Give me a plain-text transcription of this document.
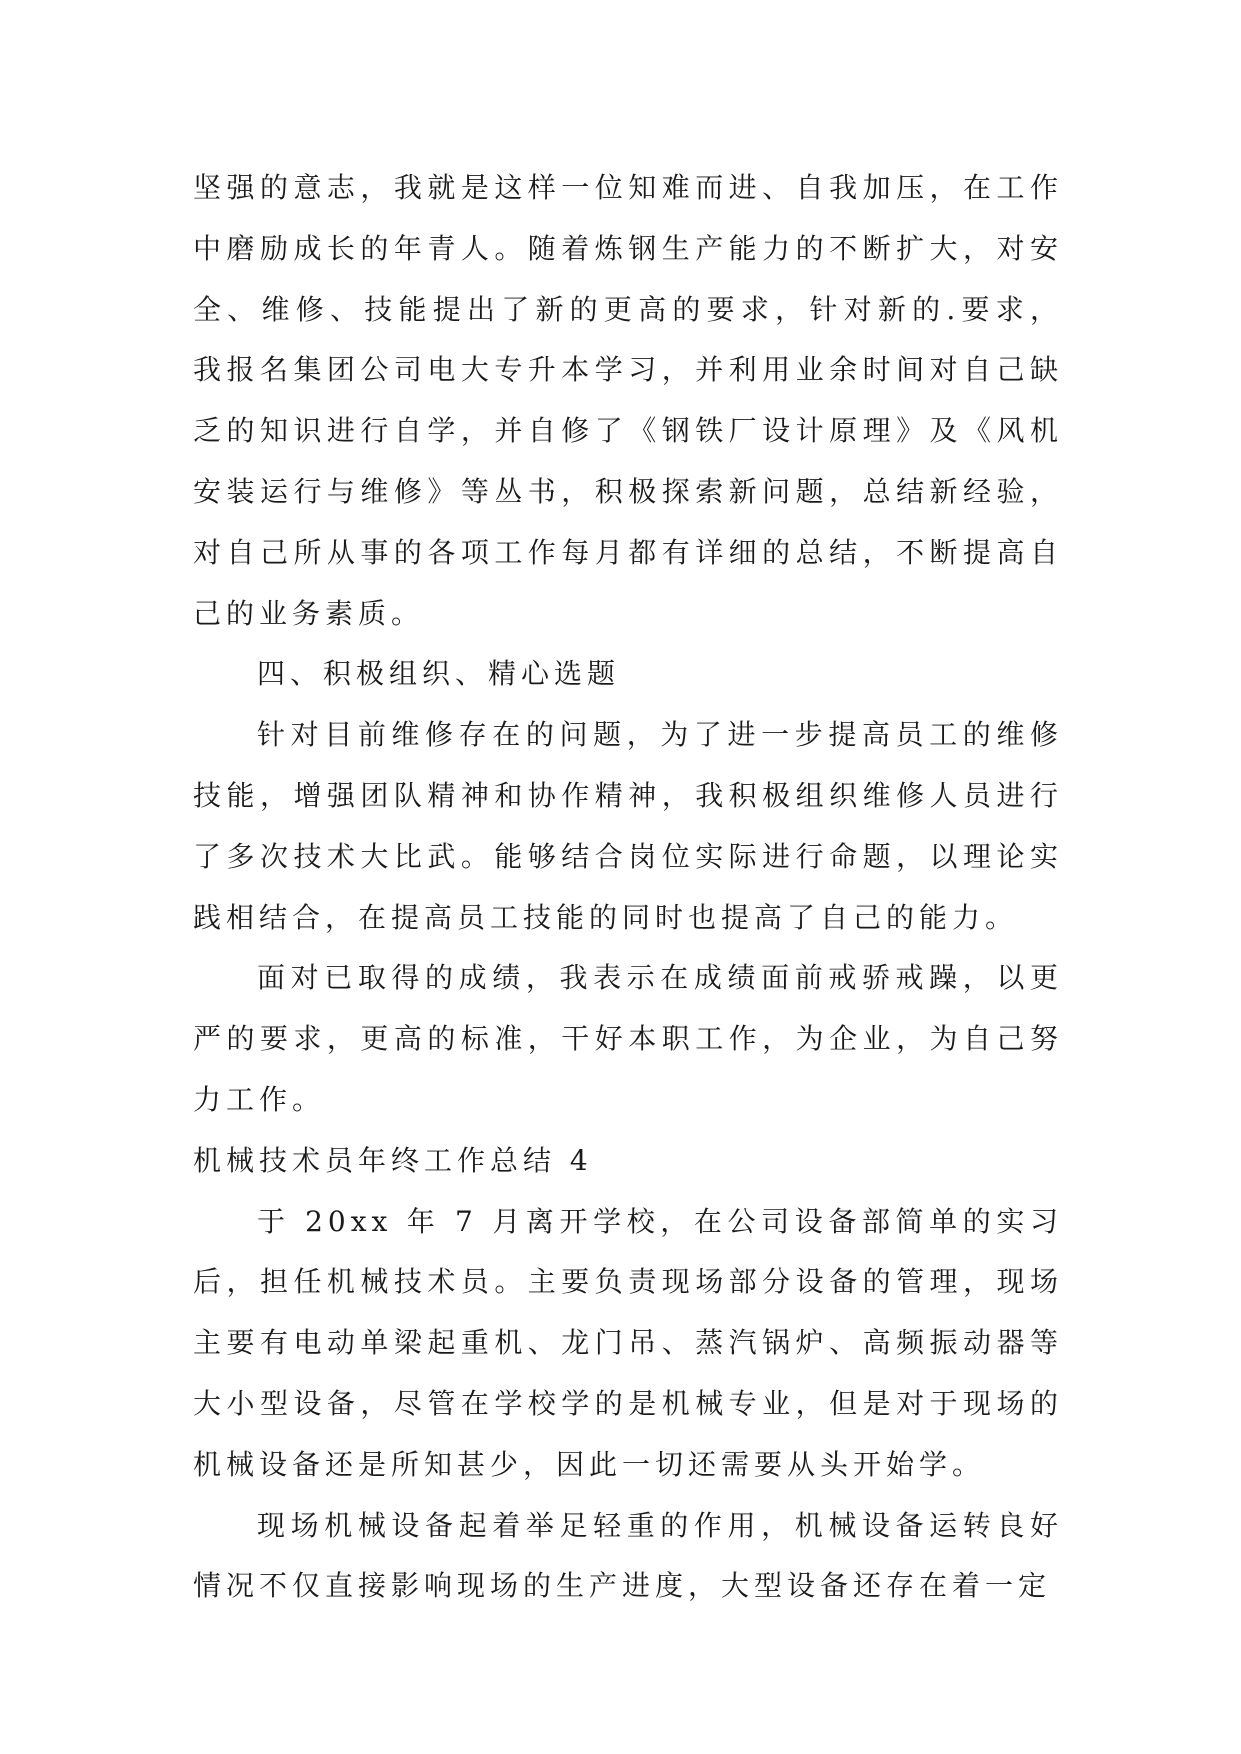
坚强的意志，我就是这样一位知难而进、自我加压，在工作中磨励成长的年青人。随着炼钢生产能力的不断扩大，对安全、维修、技能提出了新的更高的要求，针对新的.要求，我报名集团公司电大专升本学习，并利用业余时间对自己缺乏的知识进行自学，并自修了《钢铁厂设计原理》及《风机安装运行与维修》等丛书，积极探索新问题，总结新经验，对自己所从事的各项工作每月都有详细的总结，不断提高自己的业务素质。

四、积极组织、精心选题

针对目前维修存在的问题，为了进一步提高员工的维修技能，增强团队精神和协作精神，我积极组织维修人员进行了多次技术大比武。能够结合岗位实际进行命题，以理论实践相结合，在提高员工技能的同时也提高了自己的能力。

面对已取得的成绩，我表示在成绩面前戒骄戒躁，以更严的要求，更高的标准，干好本职工作，为企业，为自己努力工作。

机械技术员年终工作总结 4

于 20xx 年 7 月离开学校，在公司设备部简单的实习后，担任机械技术员。主要负责现场部分设备的管理，现场主要有电动单梁起重机、龙门吊、蒸汽锅炉、高频振动器等大小型设备，尽管在学校学的是机械专业，但是对于现场的机械设备还是所知甚少，因此一切还需要从头开始学。

现场机械设备起着举足轻重的作用，机械设备运转良好情况不仅直接影响现场的生产进度，大型设备还存在着一定
